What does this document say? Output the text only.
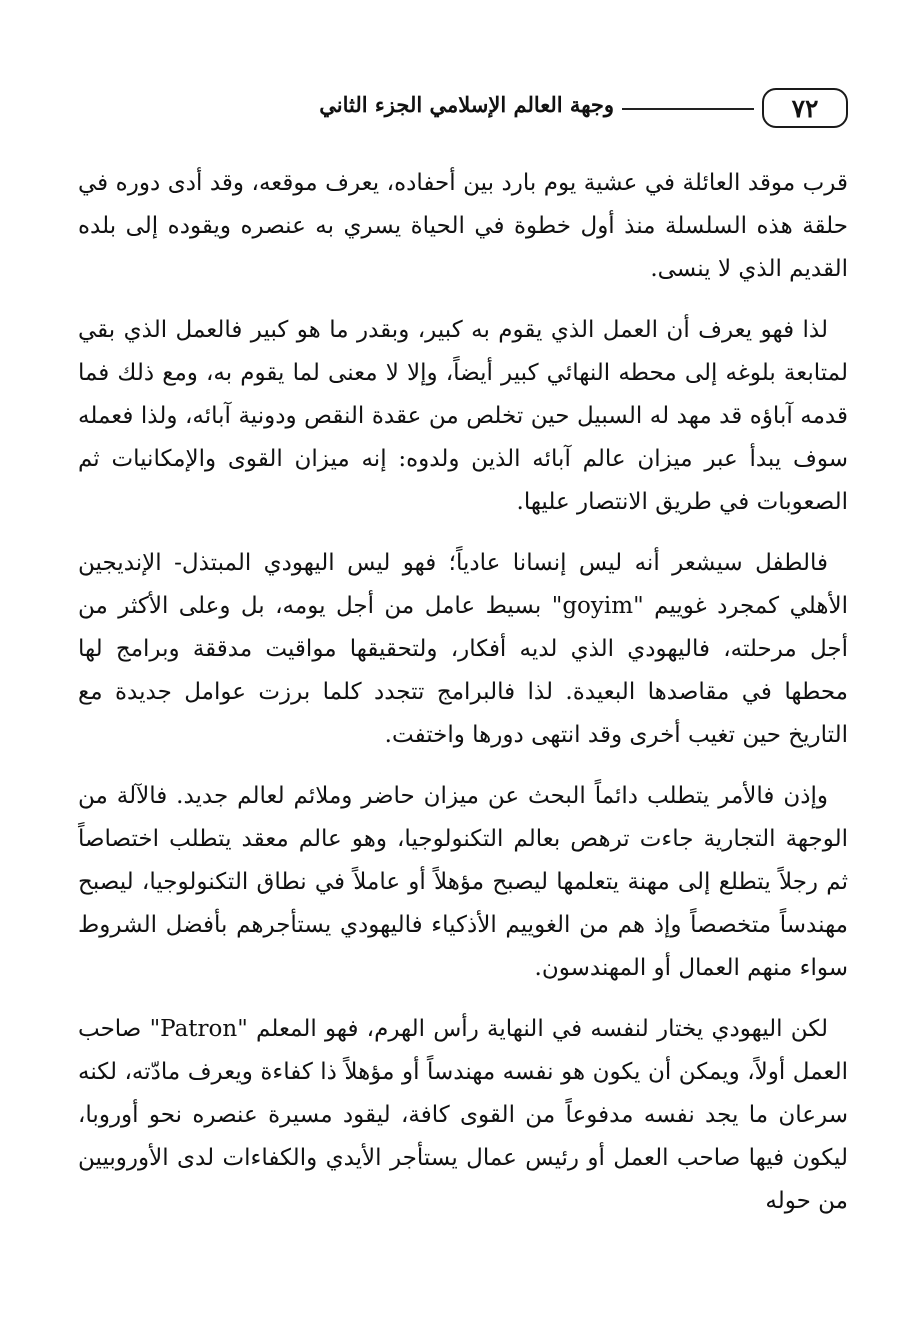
٧٢
وجهة العالم الإسلامي الجزء الثاني

قرب موقد العائلة في عشية يوم بارد بين أحفاده، يعرف موقعه، وقد أدى دوره في حلقة هذه السلسلة منذ أول خطوة في الحياة يسري به عنصره ويقوده إلى بلده القديم الذي لا ينسى.

لذا فهو يعرف أن العمل الذي يقوم به كبير، وبقدر ما هو كبير فالعمل الذي بقي لمتابعة بلوغه إلى محطه النهائي كبير أيضاً، وإلا لا معنى لما يقوم به، ومع ذلك فما قدمه آباؤه قد مهد له السبيل حين تخلص من عقدة النقص ودونية آبائه، ولذا فعمله سوف يبدأ عبر ميزان عالم آبائه الذين ولدوه: إنه ميزان القوى والإمكانيات ثم الصعوبات في طريق الانتصار عليها.

فالطفل سيشعر أنه ليس إنسانا عادياً؛ فهو ليس اليهودي المبتذل- الإنديجين الأهلي كمجرد غوييم "goyim" بسيط عامل من أجل يومه، بل وعلى الأكثر من أجل مرحلته، فاليهودي الذي لديه أفكار، ولتحقيقها مواقيت مدققة وبرامج لها محطها في مقاصدها البعيدة. لذا فالبرامج تتجدد كلما برزت عوامل جديدة مع التاريخ حين تغيب أخرى وقد انتهى دورها واختفت.

وإذن فالأمر يتطلب دائماً البحث عن ميزان حاضر وملائم لعالم جديد. فالآلة من الوجهة التجارية جاءت ترهص بعالم التكنولوجيا، وهو عالم معقد يتطلب اختصاصاً ثم رجلاً يتطلع إلى مهنة يتعلمها ليصبح مؤهلاً أو عاملاً في نطاق التكنولوجيا، ليصبح مهندساً متخصصاً وإذ هم من الغوييم الأذكياء فاليهودي يستأجرهم بأفضل الشروط سواء منهم العمال أو المهندسون.

لكن اليهودي يختار لنفسه في النهاية رأس الهرم، فهو المعلم "Patron" صاحب العمل أولاً، ويمكن أن يكون هو نفسه مهندساً أو مؤهلاً ذا كفاءة ويعرف مادّته، لكنه سرعان ما يجد نفسه مدفوعاً من القوى كافة، ليقود مسيرة عنصره نحو أوروبا، ليكون فيها صاحب العمل أو رئيس عمال يستأجر الأيدي والكفاءات لدى الأوروبيين من حوله
